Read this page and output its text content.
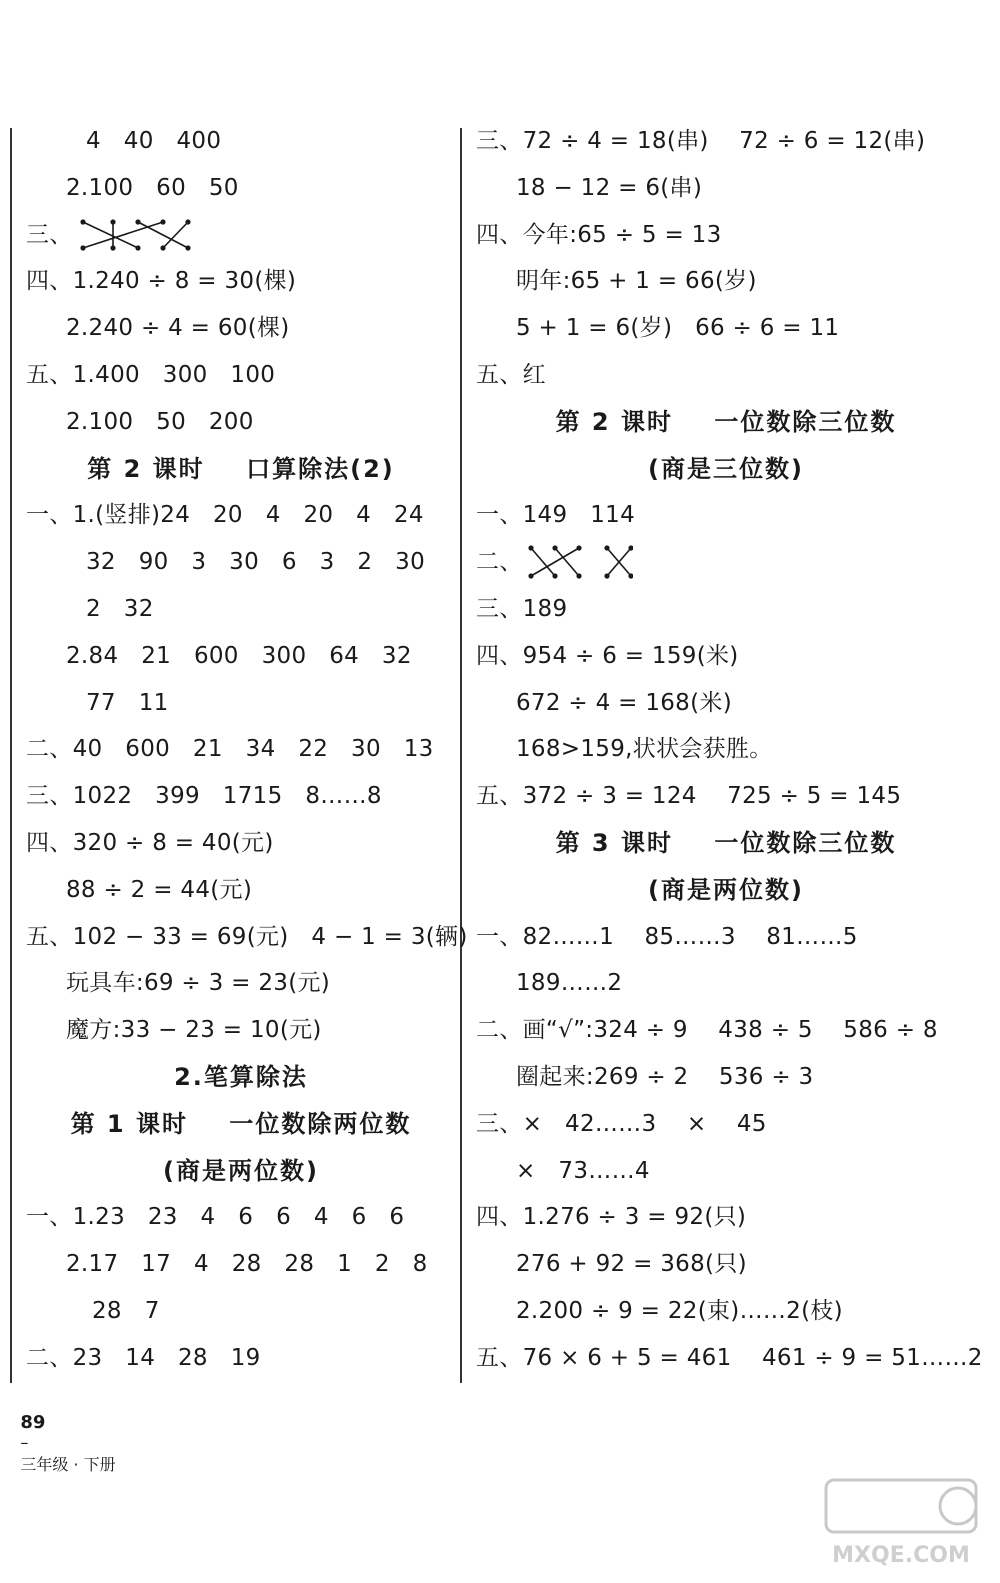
4   40   400
2.100   60   50
三、
四、1.240 ÷ 8 = 30(棵)
2.240 ÷ 4 = 60(棵)
五、1.400   300   100
2.100   50   200
第 2 课时    口算除法(2)
一、1.(竖排)24   20   4   20   4   24
32   90   3   30   6   3   2   30
2   32
2.84   21   600   300   64   32
77   11
二、40   600   21   34   22   30   13
三、1022   399   1715   8……8
四、320 ÷ 8 = 40(元)
88 ÷ 2 = 44(元)
五、102 − 33 = 69(元)   4 − 1 = 3(辆)
玩具车:69 ÷ 3 = 23(元)
魔方:33 − 23 = 10(元)
2.笔算除法
第 1 课时    一位数除两位数
(商是两位数)
一、1.23   23   4   6   6   4   6   6
2.17   17   4   28   28   1   2   8
28   7
二、23   14   28   19
三、72 ÷ 4 = 18(串)    72 ÷ 6 = 12(串)
18 − 12 = 6(串)
四、今年:65 ÷ 5 = 13
明年:65 + 1 = 66(岁)
5 + 1 = 6(岁)   66 ÷ 6 = 11
五、红
第 2 课时    一位数除三位数
(商是三位数)
一、149   114
二、
三、189
四、954 ÷ 6 = 159(米)
672 ÷ 4 = 168(米)
168>159,状状会获胜。
五、372 ÷ 3 = 124    725 ÷ 5 = 145
第 3 课时    一位数除三位数
(商是两位数)
一、82……1    85……3    81……5
189……2
二、画“√”:324 ÷ 9    438 ÷ 5    586 ÷ 8
圈起来:269 ÷ 2    536 ÷ 3
三、×   42……3    ×    45
×   73……4
四、1.276 ÷ 3 = 92(只)
276 + 92 = 368(只)
2.200 ÷ 9 = 22(束)……2(枝)
五、76 × 6 + 5 = 461    461 ÷ 9 = 51……2

89
–
三年级 · 下册

MXQE.COM
